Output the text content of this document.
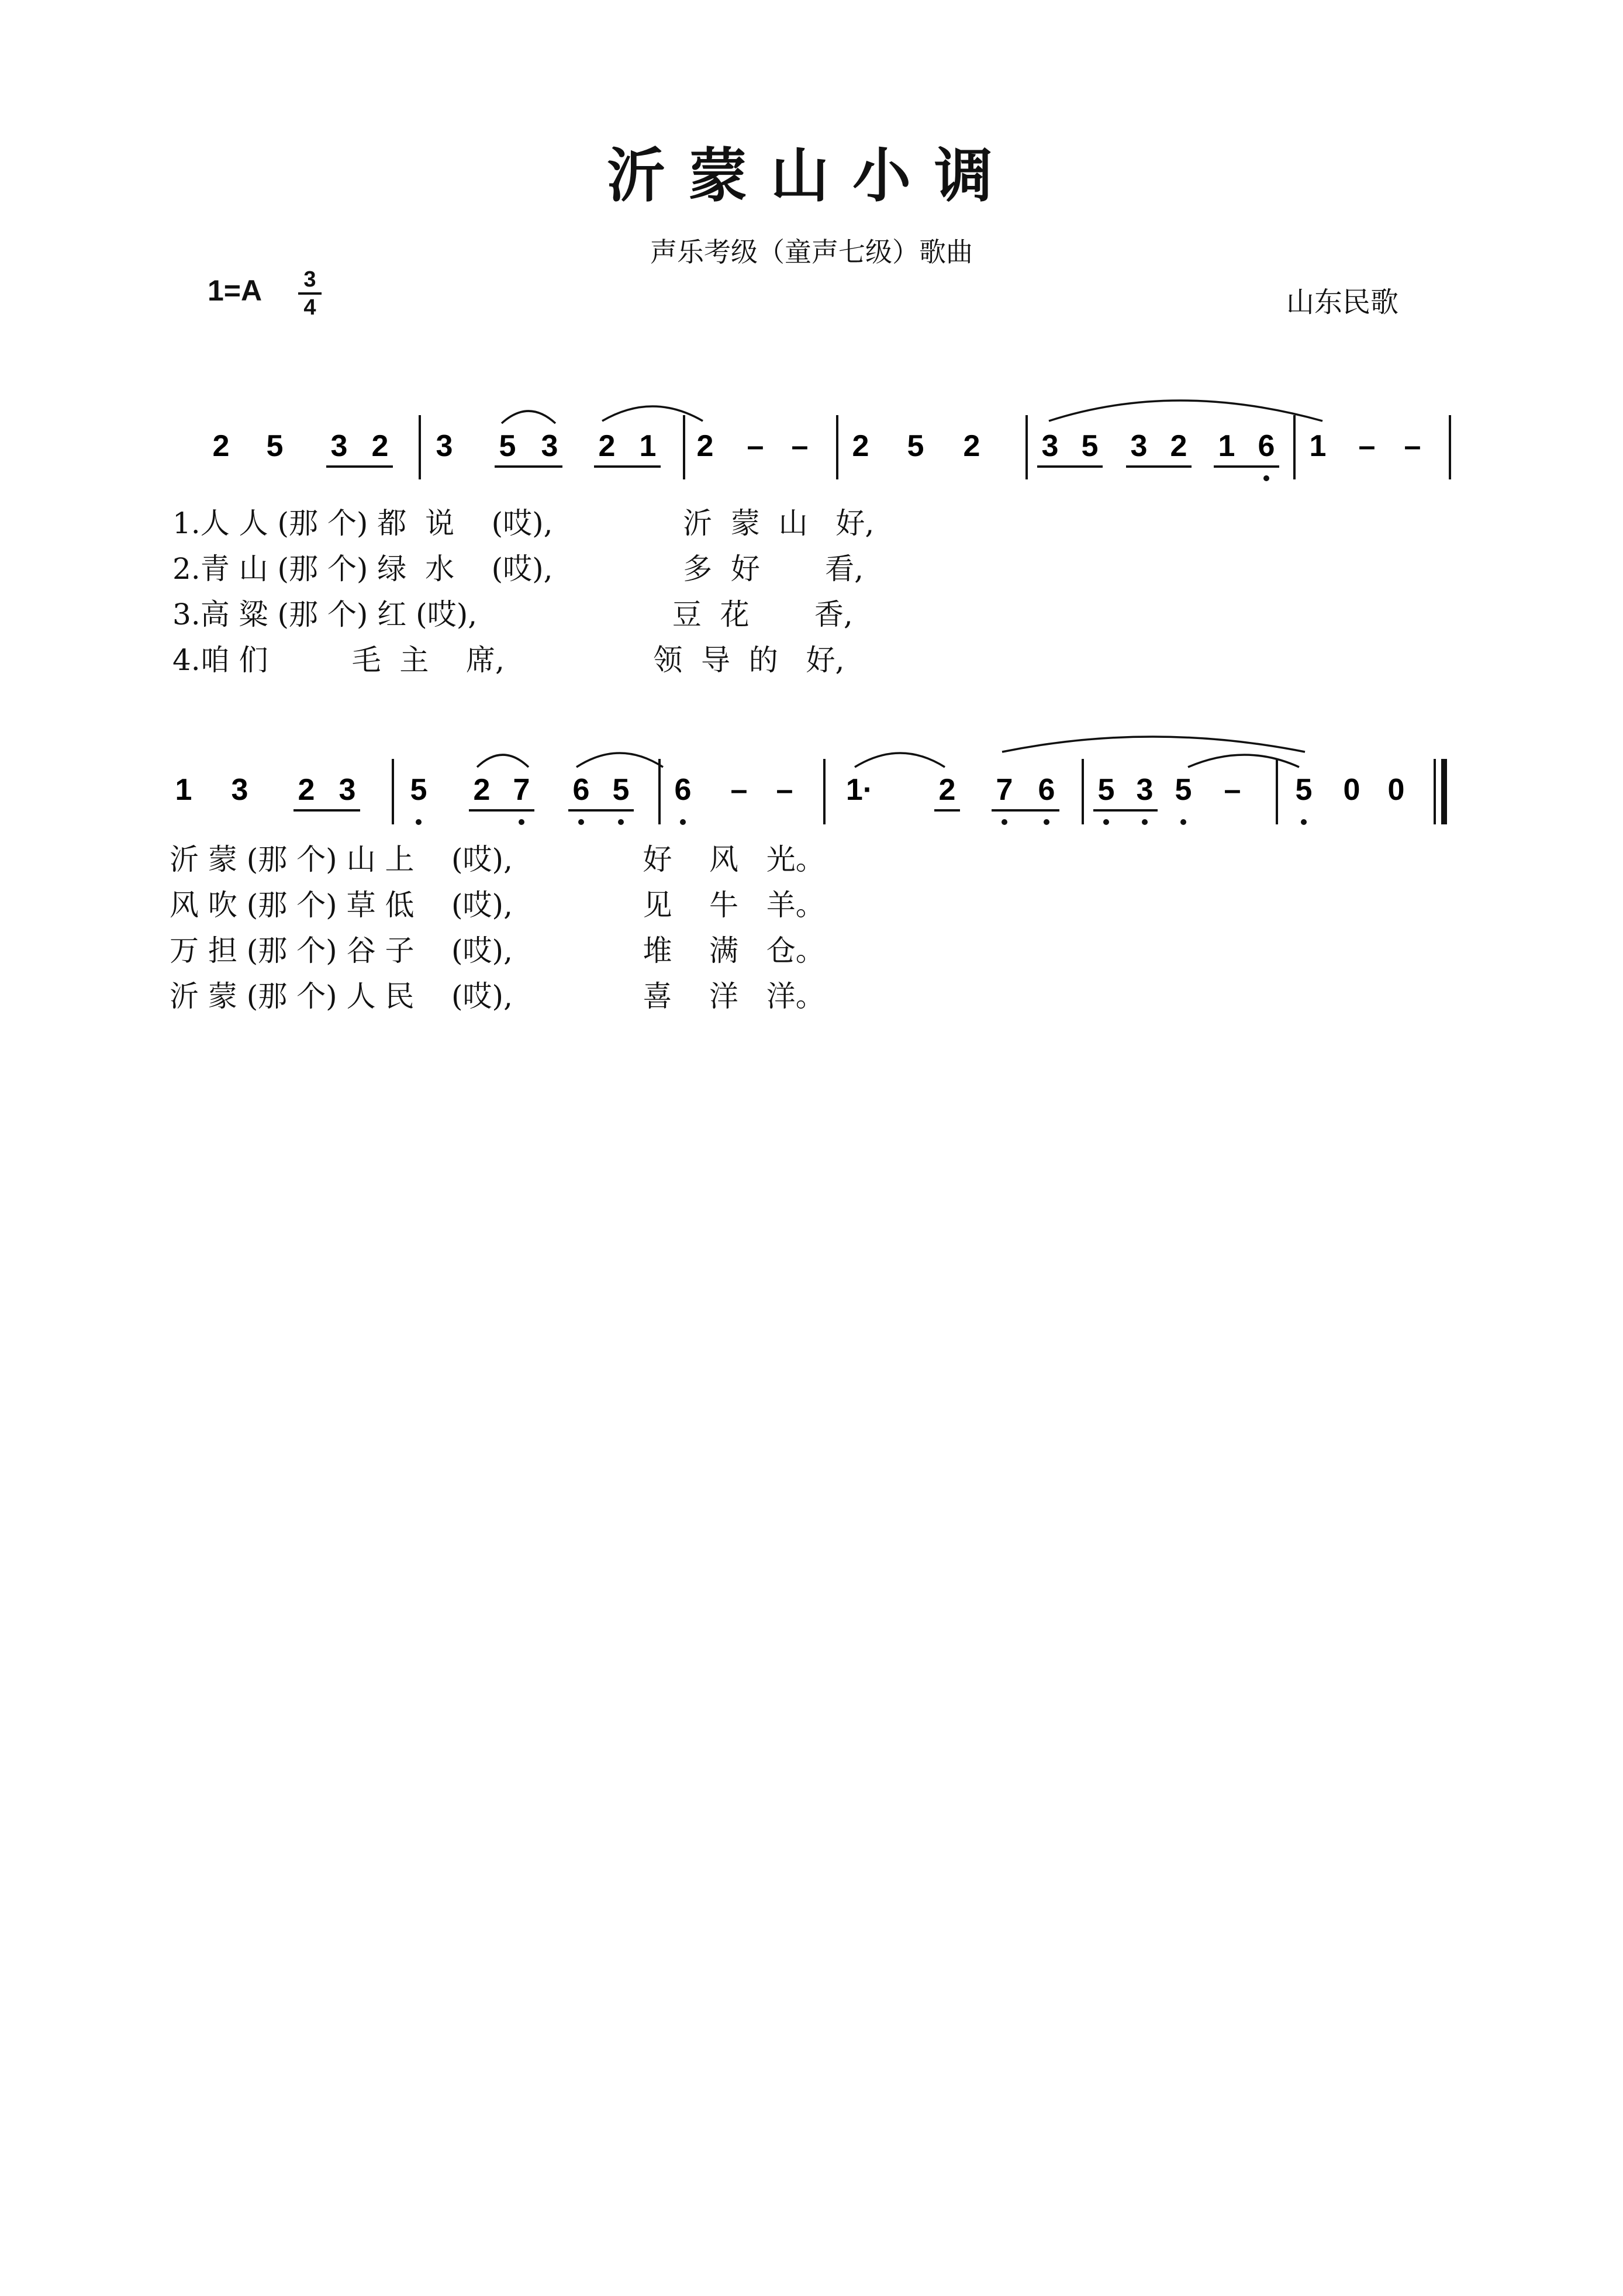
沂蒙山小调
声乐考级（童声七级）歌曲
1=A 3
4	山东民歌
2 5 3 2 3 5 3 2 1 2 – – 2 5 2 3 5 3 2 1 6 1 – –
1.人 人 (那 个) 都  说    (哎),              沂  蒙  山   好,
2.青 山 (那 个) 绿  水    (哎),              多  好       看,
3.高 粱 (那 个) 红 (哎),                     豆  花       香,
4.咱 们         毛  主    席,                领  导  的   好,
1 3 2 3 5 2 7 6 5 6 – – 1· 2 7 6 5 3 5 – 5 0 0
沂 蒙 (那 个) 山 上    (哎),              好    风   光。
风 吹 (那 个) 草 低    (哎),              见    牛   羊。
万 担 (那 个) 谷 子    (哎),              堆    满   仓。
沂 蒙 (那 个) 人 民    (哎),              喜    洋   洋。
